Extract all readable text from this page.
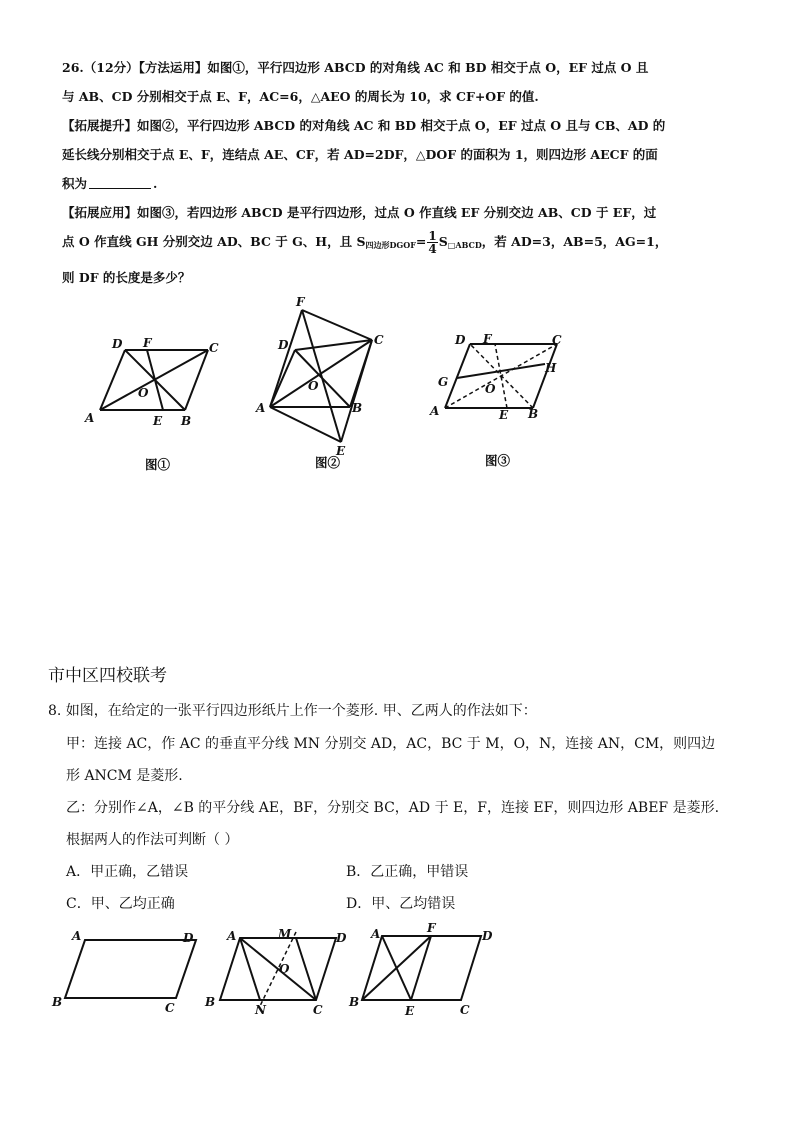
26.（12分）【方法运用】如图①，平行四边形 ABCD 的对角线 AC 和 BD 相交于点 O，EF 过点 O 且
与 AB、CD 分别相交于点 E、F，AC=6，△AEO 的周长为 10，求 CF+OF 的值.
【拓展提升】如图②，平行四边形 ABCD 的对角线 AC 和 BD 相交于点 O，EF 过点 O 且与 CB、AD 的
延长线分别相交于点 E、F，连结点 AE、CF，若 AD=2DF，△DOF 的面积为 1，则四边形 AECF 的面
积为	.
【拓展应用】如图③，若四边形 ABCD 是平行四边形，过点 O 作直线 EF 分别交边 AB、CD 于 EF，过
点 O 作直线 GH 分别交边 AD、BC 于 G、H，且 $S_{四边形DGOF}= \frac{1}{4} S_{□ABCD}$，若 AD=3，AB=5，AG=1，
则 DF 的长度是多少？
A	B
C
D
E
F
O
图①
A	B
C
D
E
F
O
图②
A	B
C
D
E
F
G
H
O
图③
市中区四校联考
8. 如图，在给定的一张平行四边形纸片上作一个菱形. 甲、乙两人的作法如下：
甲：连接 AC，作 AC 的垂直平分线 MN 分别交 AD，AC，BC 于 M，O，N，连接 AN，CM，则四边
形 ANCM 是菱形.
乙：分别作∠A，∠B 的平分线 AE，BF，分别交 BC，AD 于 E，F，连接 EF，则四边形 ABEF 是菱形.
根据两人的作法可判断（ ）
A．甲正确，乙错误	B．乙正确，甲错误
C．甲、乙均正确	D．甲、乙均错误
A
B	C
D	A
B
C
D
M
N
O
A
B
C
D
E
F
